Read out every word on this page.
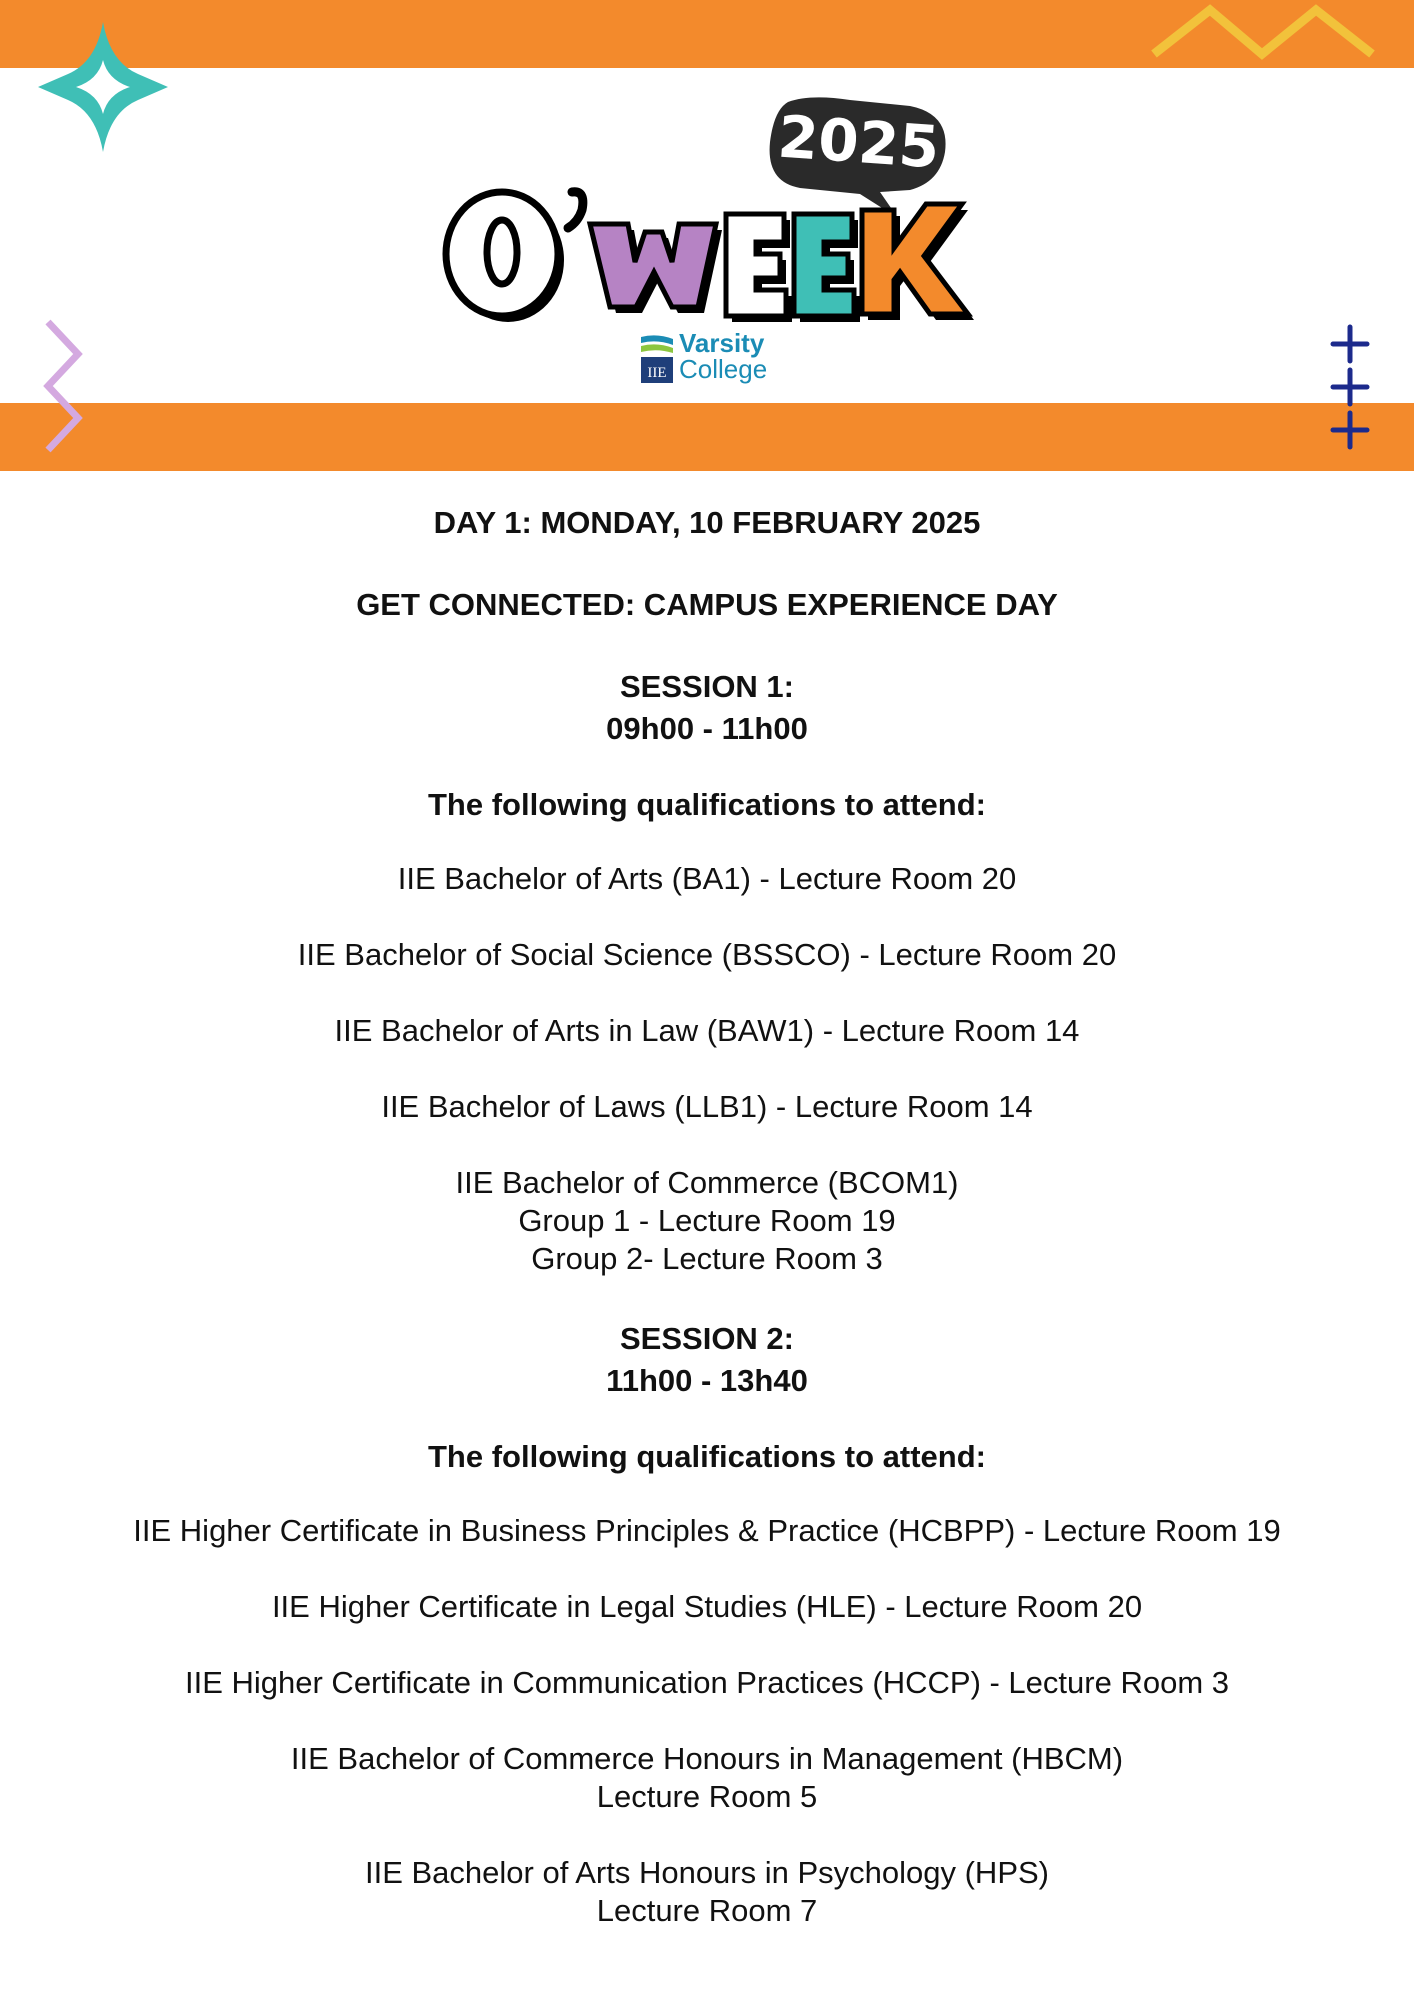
2025
IIE
Varsity
College

DAY 1: MONDAY, 10 FEBRUARY 2025

GET CONNECTED: CAMPUS EXPERIENCE DAY

SESSION 1:

09h00 - 11h00

The following qualifications to attend:

IIE Bachelor of Arts (BA1) - Lecture Room 20

IIE Bachelor of Social Science (BSSCO) - Lecture Room 20

IIE Bachelor of Arts in Law (BAW1) - Lecture Room 14

IIE Bachelor of Laws (LLB1) - Lecture Room 14

IIE Bachelor of Commerce (BCOM1)

Group 1 - Lecture Room 19

Group 2- Lecture Room 3

SESSION 2:

11h00 - 13h40

The following qualifications to attend:

IIE Higher Certificate in Business Principles & Practice (HCBPP) - Lecture Room 19

IIE Higher Certificate in Legal Studies (HLE) - Lecture Room 20

IIE Higher Certificate in Communication Practices (HCCP) - Lecture Room 3

IIE Bachelor of Commerce Honours in Management (HBCM)

Lecture Room 5

IIE Bachelor of Arts Honours in Psychology (HPS)

Lecture Room 7
